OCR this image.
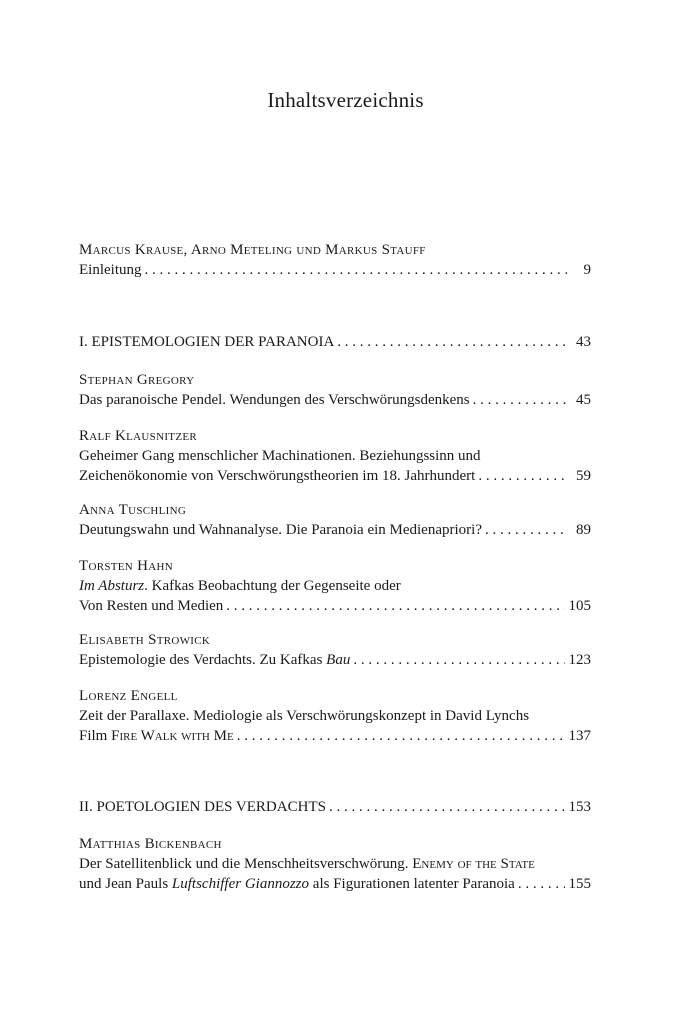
Inhaltsverzeichnis
Marcus Krause, Arno Meteling und Markus Stauff
Einleitung . . .	9
I. EPISTEMOLOGIEN DER PARANOIA . . .	43
Stephan Gregory
Das paranoische Pendel. Wendungen des Verschwörungsdenkens . . .	45
Ralf Klausnitzer
Geheimer Gang menschlicher Machinationen. Beziehungssinn und
Zeichenökonomie von Verschwörungstheorien im 18. Jahrhundert . . .	59
Anna Tuschling
Deutungswahn und Wahnanalyse. Die Paranoia ein Medienapriori? . . .	89
Torsten Hahn
Im Absturz. Kafkas Beobachtung der Gegenseite oder
Von Resten und Medien . . .	105
Elisabeth Strowick
Epistemologie des Verdachts. Zu Kafkas Bau . . .	123
Lorenz Engell
Zeit der Parallaxe. Mediologie als Verschwörungskonzept in David Lynchs
Film Fire Walk with Me . . .	137
II. POETOLOGIEN DES VERDACHTS . . .	153
Matthias Bickenbach
Der Satellitenblick und die Menschheitsverschwörung. Enemy of the State
und Jean Pauls Luftschiffer Giannozzo als Figurationen latenter Paranoia . . .	155
